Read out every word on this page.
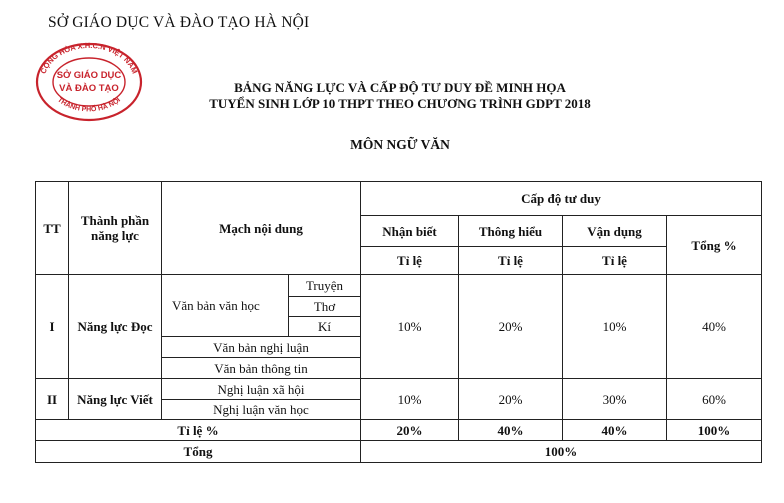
SỞ GIÁO DỤC VÀ ĐÀO TẠO HÀ NỘI
CỘNG HÒA X.H.C.N VIỆT NAM
THÀNH PHỐ HÀ NỘI
SỞ GIÁO DỤC
VÀ ĐÀO TẠO	BẢNG NĂNG LỰC VÀ CẤP ĐỘ TƯ DUY ĐỀ MINH HỌA
TUYỂN SINH LỚP 10 THPT THEO CHƯƠNG TRÌNH GDPT 2018
MÔN NGỮ VĂN
TT	Thành phần năng lực	Mạch nội dung		Cấp độ tư duy			
				Nhận biết	Thông hiểu	Vận dụng	Tổng %
				Tỉ lệ	Tỉ lệ	Tỉ lệ	
I	Năng lực Đọc	Văn bản văn học	Truyện	10%	20%	10%	40%
			Thơ				
			Kí				
		Văn bản nghị luận					
		Văn bản thông tin					
II	Năng lực Viết	Nghị luận xã hội		10%	20%	30%	60%
		Nghị luận văn học					
Tỉ lệ %				20%	40%	40%	100%
Tổng				100%			
